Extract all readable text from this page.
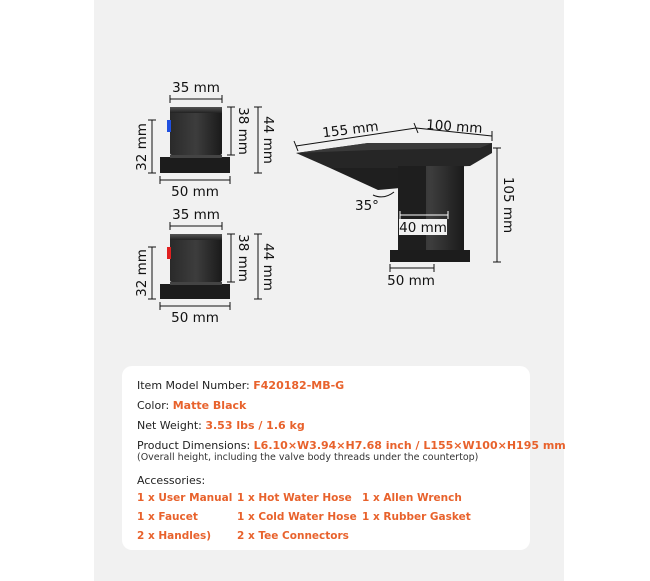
35 mm
38 mm 44 mm
32 mm
50 mm
35 mm
38 mm 44 mm
32 mm
50 mm
155 mm	100 mm
105 mm
35°
40 mm
50 mm
Item Model Number: F420182-MB-G
Color: Matte Black
Net Weight: 3.53 lbs / 1.6 kg
Product Dimensions: L6.10×W3.94×H7.68 inch / L155×W100×H195 mm
(Overall height, including the valve body threads under the countertop)
Accessories:
1 x User Manual
1 x Faucet
2 x Handles)
1 x Hot Water Hose
1 x Cold Water Hose
2 x Tee Connectors
1 x Allen Wrench
1 x Rubber Gasket
